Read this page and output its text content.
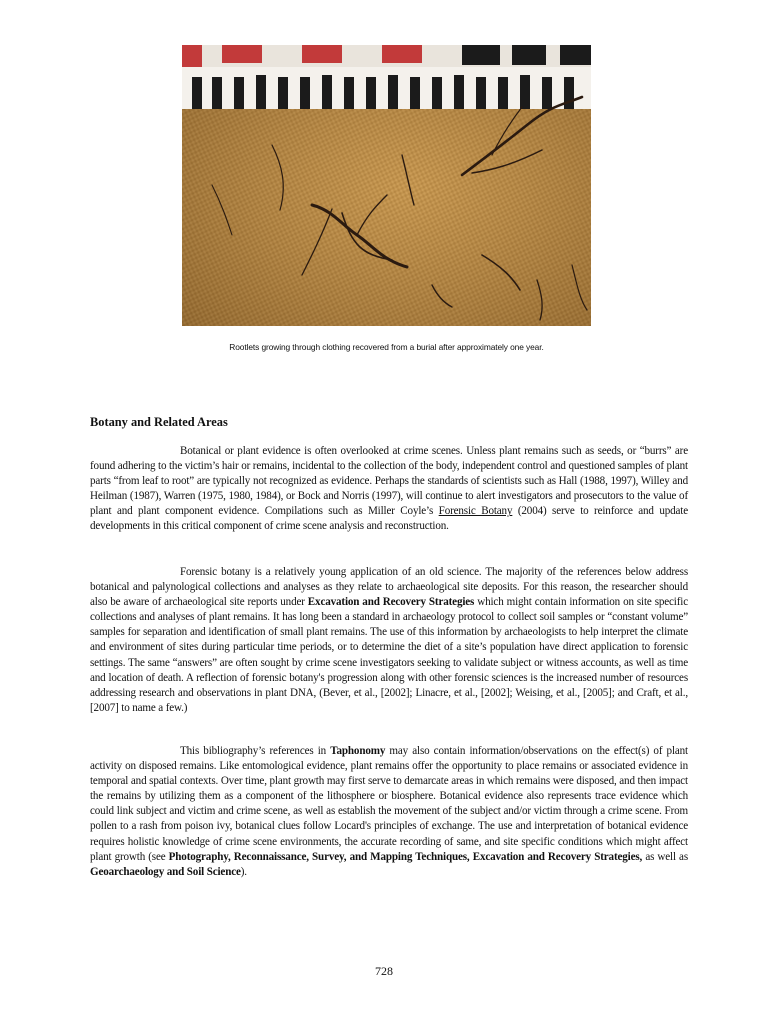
Rootlets growing through clothing recovered from a burial after approximately one year.
Botany and Related Areas

Botanical or plant evidence is often overlooked at crime scenes. Unless plant remains such as seeds, or “burrs” are found adhering to the victim’s hair or remains, incidental to the collection of the body, independent control and questioned samples of plant parts “from leaf to root” are typically not recognized as evidence. Perhaps the standards of scientists such as Hall (1988, 1997), Willey and Heilman (1987), Warren (1975, 1980, 1984), or Bock and Norris (1997), will continue to alert investigators and prosecutors to the value of plant and plant component evidence. Compilations such as Miller Coyle’s Forensic Botany (2004) serve to reinforce and update developments in this critical component of crime scene analysis and reconstruction.

Forensic botany is a relatively young application of an old science. The majority of the references below address botanical and palynological collections and analyses as they relate to archaeological site deposits. For this reason, the researcher should also be aware of archaeological site reports under Excavation and Recovery Strategies which might contain information on site specific collections and analyses of plant remains. It has long been a standard in archaeology protocol to collect soil samples or “constant volume” samples for separation and identification of small plant remains. The use of this information by archaeologists to help interpret the climate and environment of sites during particular time periods, or to determine the diet of a site’s population have direct application to forensic settings. The same “answers” are often sought by crime scene investigators seeking to validate subject or witness accounts, as well as time and location of death. A reflection of forensic botany's progression along with other forensic sciences is the increased number of resources addressing research and observations in plant DNA, (Bever, et al., [2002]; Linacre, et al., [2002]; Weising, et al., [2005]; and Craft, et al., [2007] to name a few.)

This bibliography’s references in Taphonomy may also contain information/observations on the effect(s) of plant activity on disposed remains. Like entomological evidence, plant remains offer the opportunity to place remains or associated evidence in temporal and spatial contexts. Over time, plant growth may first serve to demarcate areas in which remains were disposed, and then impact the remains by utilizing them as a component of the lithosphere or biosphere. Botanical evidence also represents trace evidence which could link subject and victim and crime scene, as well as establish the movement of the subject and/or victim through a crime scene. From pollen to a rash from poison ivy, botanical clues follow Locard's principles of exchange. The use and interpretation of botanical evidence requires holistic knowledge of crime scene environments, the accurate recording of same, and site specific conditions which might affect plant growth (see Photography, Reconnaissance, Survey, and Mapping Techniques, Excavation and Recovery Strategies, as well as Geoarchaeology and Soil Science).

728
